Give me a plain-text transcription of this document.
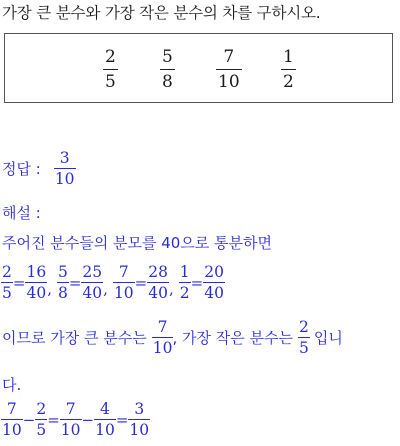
가장 큰 분수와 가장 작은 분수의 차를 구하시오.
2
5
5
8
7
10
1
2
정답 : $\frac{3}{10}$
해설 :
주어진 분수들의 분모를 40으로 통분하면
$\frac{2}{5} = \frac{16}{40}$ , $\frac{5}{8} = \frac{25}{40}$ , $\frac{7}{10} = \frac{28}{40}$ , $\frac{1}{2} = \frac{20}{40}$
이므로 가장 큰 분수는 $\frac{7}{10}$ , 가장 작은 분수는 $\frac{2}{5}$ 입니
다.
$\frac{7}{10} - \frac{2}{5} = \frac{7}{10} - \frac{4}{10} = \frac{3}{10}$
